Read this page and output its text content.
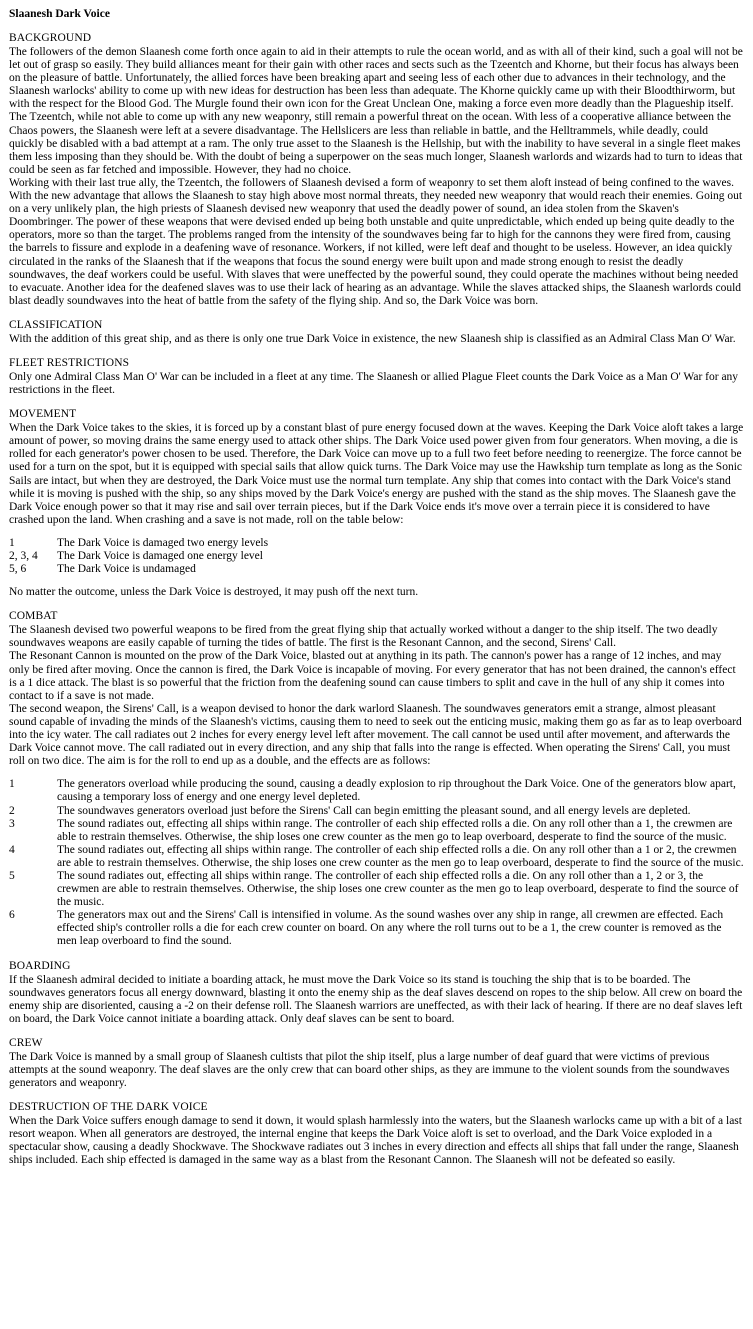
Slaanesh Dark Voice
BACKGROUND

The followers of the demon Slaanesh come forth once again to aid in their attempts to rule the ocean world, and as with all of their kind, such a goal will not be let out of grasp so easily. They build alliances meant for their gain with other races and sects such as the Tzeentch and Khorne, but their focus has always been on the pleasure of battle. Unfortunately, the allied forces have been breaking apart and seeing less of each other due to advances in their technology, and the Slaanesh warlocks' ability to come up with new ideas for destruction has been less than adequate. The Khorne quickly came up with their Bloodthirworm, but with the respect for the Blood God. The Murgle found their own icon for the Great Unclean One, making a force even more deadly than the Plagueship itself. The Tzeentch, while not able to come up with any new weaponry, still remain a powerful threat on the ocean. With less of a cooperative alliance between the Chaos powers, the Slaanesh were left at a severe disadvantage. The Hellslicers are less than reliable in battle, and the Helltrammels, while deadly, could quickly be disabled with a bad attempt at a ram. The only true asset to the Slaanesh is the Hellship, but with the inability to have several in a single fleet makes them less imposing than they should be. With the doubt of being a superpower on the seas much longer, Slaanesh warlords and wizards had to turn to ideas that could be seen as far fetched and impossible. However, they had no choice.

Working with their last true ally, the Tzeentch, the followers of Slaanesh devised a form of weaponry to set them aloft instead of being confined to the waves. With the new advantage that allows the Slaanesh to stay high above most normal threats, they needed new weaponry that would reach their enemies. Going out on a very unlikely plan, the high priests of Slaanesh devised new weaponry that used the deadly power of sound, an idea stolen from the Skaven's Doombringer. The power of these weapons that were devised ended up being both unstable and quite unpredictable, which ended up being quite deadly to the operators, more so than the target. The problems ranged from the intensity of the soundwaves being far to high for the cannons they were fired from, causing the barrels to fissure and explode in a deafening wave of resonance. Workers, if not killed, were left deaf and thought to be useless. However, an idea quickly circulated in the ranks of the Slaanesh that if the weapons that focus the sound energy were built upon and made strong enough to resist the deadly soundwaves, the deaf workers could be useful. With slaves that were uneffected by the powerful sound, they could operate the machines without being needed to evacuate. Another idea for the deafened slaves was to use their lack of hearing as an advantage. While the slaves attacked ships, the Slaanesh warlords could blast deadly soundwaves into the heat of battle from the safety of the flying ship. And so, the Dark Voice was born.

CLASSIFICATION

With the addition of this great ship, and as there is only one true Dark Voice in existence, the new Slaanesh ship is classified as an Admiral Class Man O' War.

FLEET RESTRICTIONS

Only one Admiral Class Man O' War can be included in a fleet at any time. The Slaanesh or allied Plague Fleet counts the Dark Voice as a Man O' War for any restrictions in the fleet.

MOVEMENT

When the Dark Voice takes to the skies, it is forced up by a constant blast of pure energy focused down at the waves. Keeping the Dark Voice aloft takes a large amount of power, so moving drains the same energy used to attack other ships. The Dark Voice used power given from four generators. When moving, a die is rolled for each generator's power chosen to be used. Therefore, the Dark Voice can move up to a full two feet before needing to reenergize. The force cannot be used for a turn on the spot, but it is equipped with special sails that allow quick turns. The Dark Voice may use the Hawkship turn template as long as the Sonic Sails are intact, but when they are destroyed, the Dark Voice must use the normal turn template. Any ship that comes into contact with the Dark Voice's stand while it is moving is pushed with the ship, so any ships moved by the Dark Voice's energy are pushed with the stand as the ship moves. The Slaanesh gave the Dark Voice enough power so that it may rise and sail over terrain pieces, but if the Dark Voice ends it's move over a terrain piece it is considered to have crashed upon the land. When crashing and a save is not made, roll on the table below:

1	The Dark Voice is damaged two energy levels
2, 3, 4	The Dark Voice is damaged one energy level
5, 6	The Dark Voice is undamaged

No matter the outcome, unless the Dark Voice is destroyed, it may push off the next turn.

COMBAT

The Slaanesh devised two powerful weapons to be fired from the great flying ship that actually worked without a danger to the ship itself. The two deadly soundwaves weapons are easily capable of turning the tides of battle. The first is the Resonant Cannon, and the second, Sirens' Call.

The Resonant Cannon is mounted on the prow of the Dark Voice, blasted out at anything in its path. The cannon's power has a range of 12 inches, and may only be fired after moving. Once the cannon is fired, the Dark Voice is incapable of moving. For every generator that has not been drained, the cannon's effect is a 1 dice attack. The blast is so powerful that the friction from the deafening sound can cause timbers to split and cave in the hull of any ship it comes into contact to if a save is not made.

The second weapon, the Sirens' Call, is a weapon devised to honor the dark warlord Slaanesh. The soundwaves generators emit a strange, almost pleasant sound capable of invading the minds of the Slaanesh's victims, causing them to need to seek out the enticing music, making them go as far as to leap overboard into the icy water. The call radiates out 2 inches for every energy level left after movement. The call cannot be used until after movement, and afterwards the Dark Voice cannot move. The call radiated out in every direction, and any ship that falls into the range is effected. When operating the Sirens' Call, you must roll on two dice. The aim is for the roll to end up as a double, and the effects are as follows:

1	The generators overload while producing the sound, causing a deadly explosion to rip throughout the Dark Voice. One of the generators blow apart, causing a temporary loss of energy and one energy level depleted.
2	The soundwaves generators overload just before the Sirens' Call can begin emitting the pleasant sound, and all energy levels are depleted.
3	The sound radiates out, effecting all ships within range. The controller of each ship effected rolls a die. On any roll other than a 1, the crewmen are able to restrain themselves. Otherwise, the ship loses one crew counter as the men go to leap overboard, desperate to find the source of the music.
4	The sound radiates out, effecting all ships within range. The controller of each ship effected rolls a die. On any roll other than a 1 or 2, the crewmen are able to restrain themselves. Otherwise, the ship loses one crew counter as the men go to leap overboard, desperate to find the source of the music.
5	The sound radiates out, effecting all ships within range. The controller of each ship effected rolls a die. On any roll other than a 1, 2 or 3, the crewmen are able to restrain themselves. Otherwise, the ship loses one crew counter as the men go to leap overboard, desperate to find the source of the music.
6	The generators max out and the Sirens' Call is intensified in volume. As the sound washes over any ship in range, all crewmen are effected. Each effected ship's controller rolls a die for each crew counter on board. On any where the roll turns out to be a 1, the crew counter is removed as the men leap overboard to find the sound.
BOARDING

If the Slaanesh admiral decided to initiate a boarding attack, he must move the Dark Voice so its stand is touching the ship that is to be boarded. The soundwaves generators focus all energy downward, blasting it onto the enemy ship as the deaf slaves descend on ropes to the ship below. All crew on board the enemy ship are disoriented, causing a -2 on their defense roll. The Slaanesh warriors are uneffected, as with their lack of hearing. If there are no deaf slaves left on board, the Dark Voice cannot initiate a boarding attack. Only deaf slaves can be sent to board.

CREW

The Dark Voice is manned by a small group of Slaanesh cultists that pilot the ship itself, plus a large number of deaf guard that were victims of previous attempts at the sound weaponry. The deaf slaves are the only crew that can board other ships, as they are immune to the violent sounds from the soundwaves generators and weaponry.

DESTRUCTION OF THE DARK VOICE

When the Dark Voice suffers enough damage to send it down, it would splash harmlessly into the waters, but the Slaanesh warlocks came up with a bit of a last resort weapon. When all generators are destroyed, the internal engine that keeps the Dark Voice aloft is set to overload, and the Dark Voice exploded in a spectacular show, causing a deadly Shockwave. The Shockwave radiates out 3 inches in every direction and effects all ships that fall under the range, Slaanesh ships included. Each ship effected is damaged in the same way as a blast from the Resonant Cannon. The Slaanesh will not be defeated so easily.
